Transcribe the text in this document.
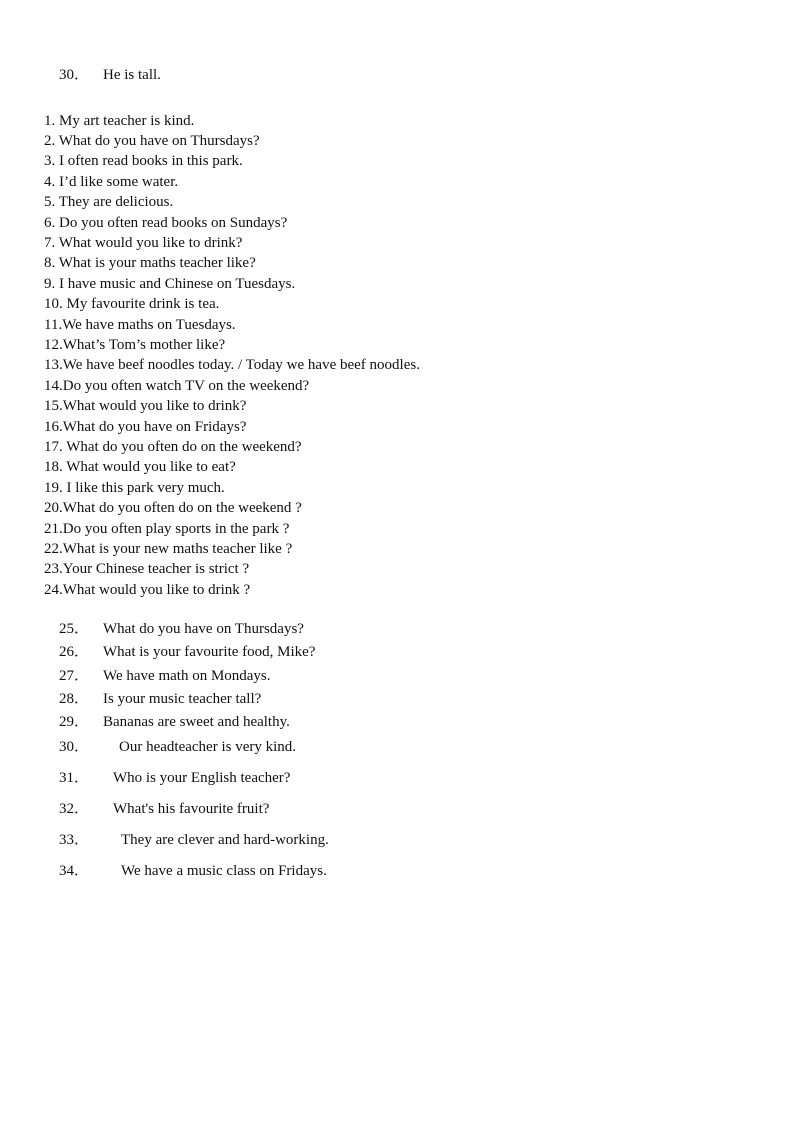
30． He is tall.

1. My art teacher is kind.
2. What do you have on Thursdays?
3. I often read books in this park.
4. I’d like some water.
5. They are delicious.
6. Do you often read books on Sundays?
7. What would you like to drink?
8. What is your maths teacher like?
9. I have music and Chinese on Tuesdays.
10. My favourite drink is tea.
11.We have maths on Tuesdays.
12.What’s Tom’s mother like?
13.We have beef noodles today. / Today we have beef noodles.
14.Do you often watch TV on the weekend?
15.What would you like to drink?
16.What do you have on Fridays?
17. What do you often do on the weekend?
18. What would you like to eat?
19. I like this park very much.
20.What do you often do on the weekend ?
21.Do you often play sports in the park ?
22.What is your new maths teacher like ?
23.Your Chinese teacher is strict ?
24.What would you like to drink ?

25． What do you have on Thursdays?

26． What is your favourite food, Mike?

27． We have math on Mondays.

28． Is your music teacher tall?

29． Bananas are sweet and healthy.

30． Our headteacher is very kind.

31． Who is your English teacher?

32． What's his favourite fruit?

33． They are clever and hard-working.

34． We have a music class on Fridays.
